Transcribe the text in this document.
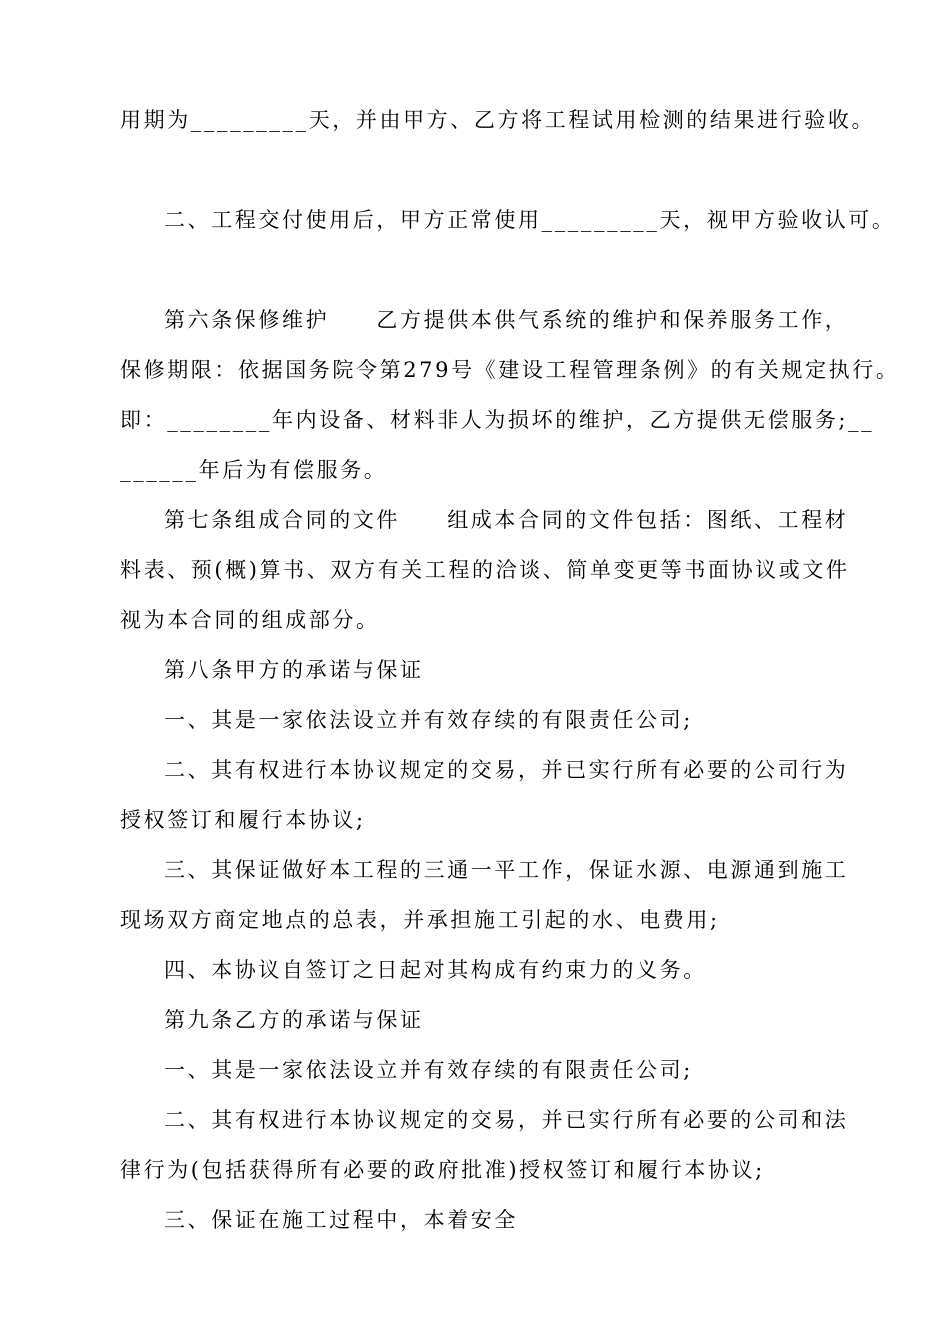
用期为_________天，并由甲方、乙方将工程试用检测的结果进行验收。
二、工程交付使用后，甲方正常使用_________天，视甲方验收认可。
第六条保修维护　　乙方提供本供气系统的维护和保养服务工作，
保修期限：依据国务院令第279号《建设工程管理条例》的有关规定执行。
即：________年内设备、材料非人为损坏的维护，乙方提供无偿服务;__
______年后为有偿服务。
第七条组成合同的文件　　组成本合同的文件包括：图纸、工程材
料表、预(概)算书、双方有关工程的洽谈、简单变更等书面协议或文件
视为本合同的组成部分。
第八条甲方的承诺与保证
一、其是一家依法设立并有效存续的有限责任公司;
二、其有权进行本协议规定的交易，并已实行所有必要的公司行为
授权签订和履行本协议;
三、其保证做好本工程的三通一平工作，保证水源、电源通到施工
现场双方商定地点的总表，并承担施工引起的水、电费用;
四、本协议自签订之日起对其构成有约束力的义务。
第九条乙方的承诺与保证
一、其是一家依法设立并有效存续的有限责任公司;
二、其有权进行本协议规定的交易，并已实行所有必要的公司和法
律行为(包括获得所有必要的政府批准)授权签订和履行本协议;
三、保证在施工过程中，本着安全
